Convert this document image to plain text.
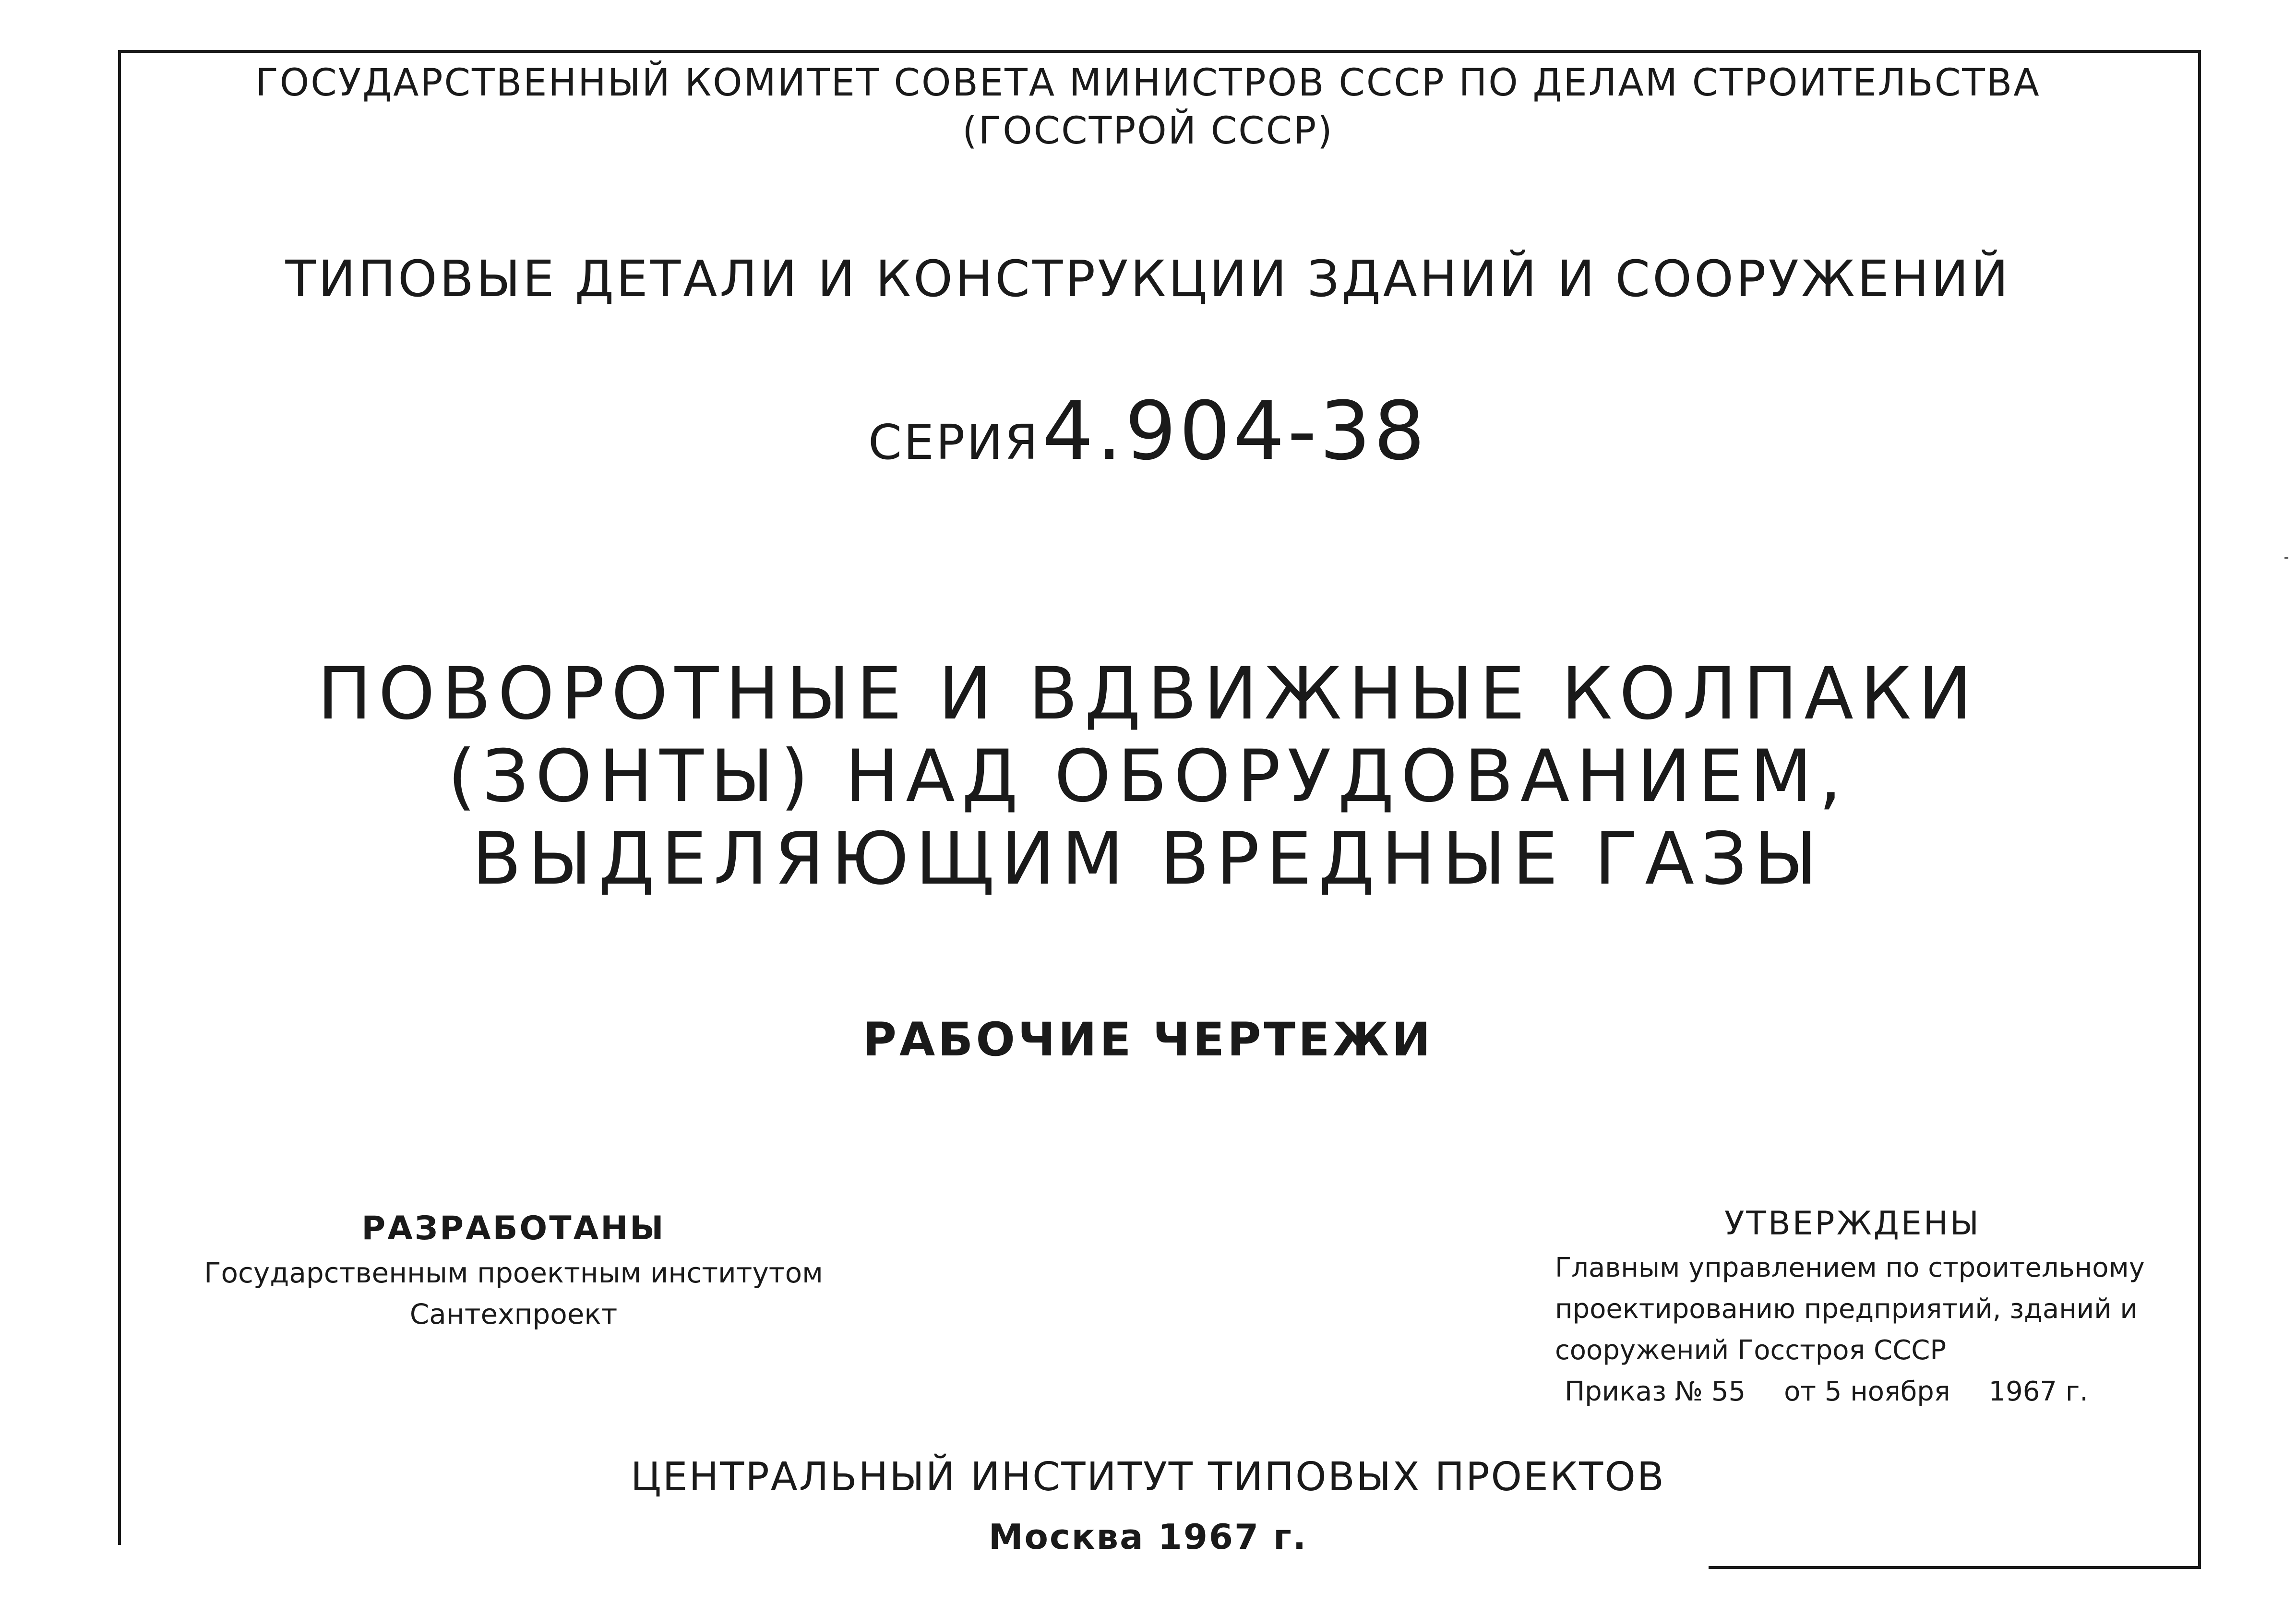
ГОСУДАРСТВЕННЫЙ КОМИТЕТ СОВЕТА МИНИСТРОВ СССР ПО ДЕЛАМ СТРОИТЕЛЬСТВА
(ГОССТРОЙ СССР)
ТИПОВЫЕ ДЕТАЛИ И КОНСТРУКЦИИ ЗДАНИЙ И СООРУЖЕНИЙ
СЕРИЯ 4.904-38
ПОВОРОТНЫЕ И ВДВИЖНЫЕ КОЛПАКИ
(ЗОНТЫ) НАД ОБОРУДОВАНИЕМ,
ВЫДЕЛЯЮЩИМ ВРЕДНЫЕ ГАЗЫ
РАБОЧИЕ ЧЕРТЕЖИ
РАЗРАБОТАНЫ
Государственным проектным институтом
Сантехпроект
УТВЕРЖДЕНЫ
Главным управлением по строительному
проектированию предприятий, зданий и
сооружений Госстроя СССР
Приказ № 55 от 5 ноября 1967 г.
ЦЕНТРАЛЬНЫЙ ИНСТИТУТ ТИПОВЫХ ПРОЕКТОВ
Москва 1967 г.
